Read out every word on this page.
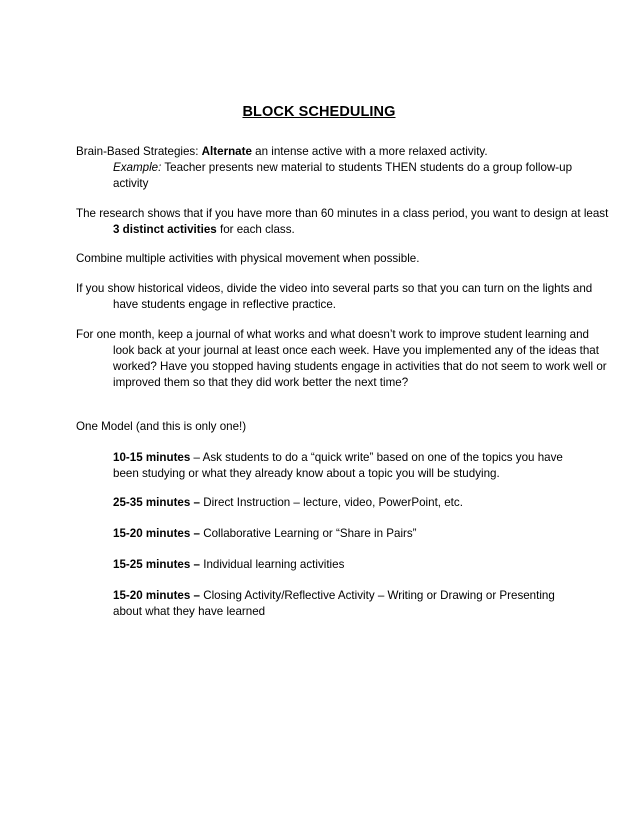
BLOCK SCHEDULING
Brain-Based Strategies: Alternate an intense active with a more relaxed activity.
Example: Teacher presents new material to students THEN students do a group follow-up activity
The research shows that if you have more than 60 minutes in a class period, you want to design at least 3 distinct activities for each class.
Combine multiple activities with physical movement when possible.
If you show historical videos, divide the video into several parts so that you can turn on the lights and have students engage in reflective practice.
For one month, keep a journal of what works and what doesn’t work to improve student learning and look back at your journal at least once each week. Have you implemented any of the ideas that worked? Have you stopped having students engage in activities that do not seem to work well or improved them so that they did work better the next time?
One Model (and this is only one!)
10-15 minutes – Ask students to do a “quick write” based on one of the topics you have been studying or what they already know about a topic you will be studying.
25-35 minutes – Direct Instruction – lecture, video, PowerPoint, etc.
15-20 minutes – Collaborative Learning or “Share in Pairs”
15-25 minutes – Individual learning activities
15-20 minutes – Closing Activity/Reflective Activity – Writing or Drawing or Presenting about what they have learned
